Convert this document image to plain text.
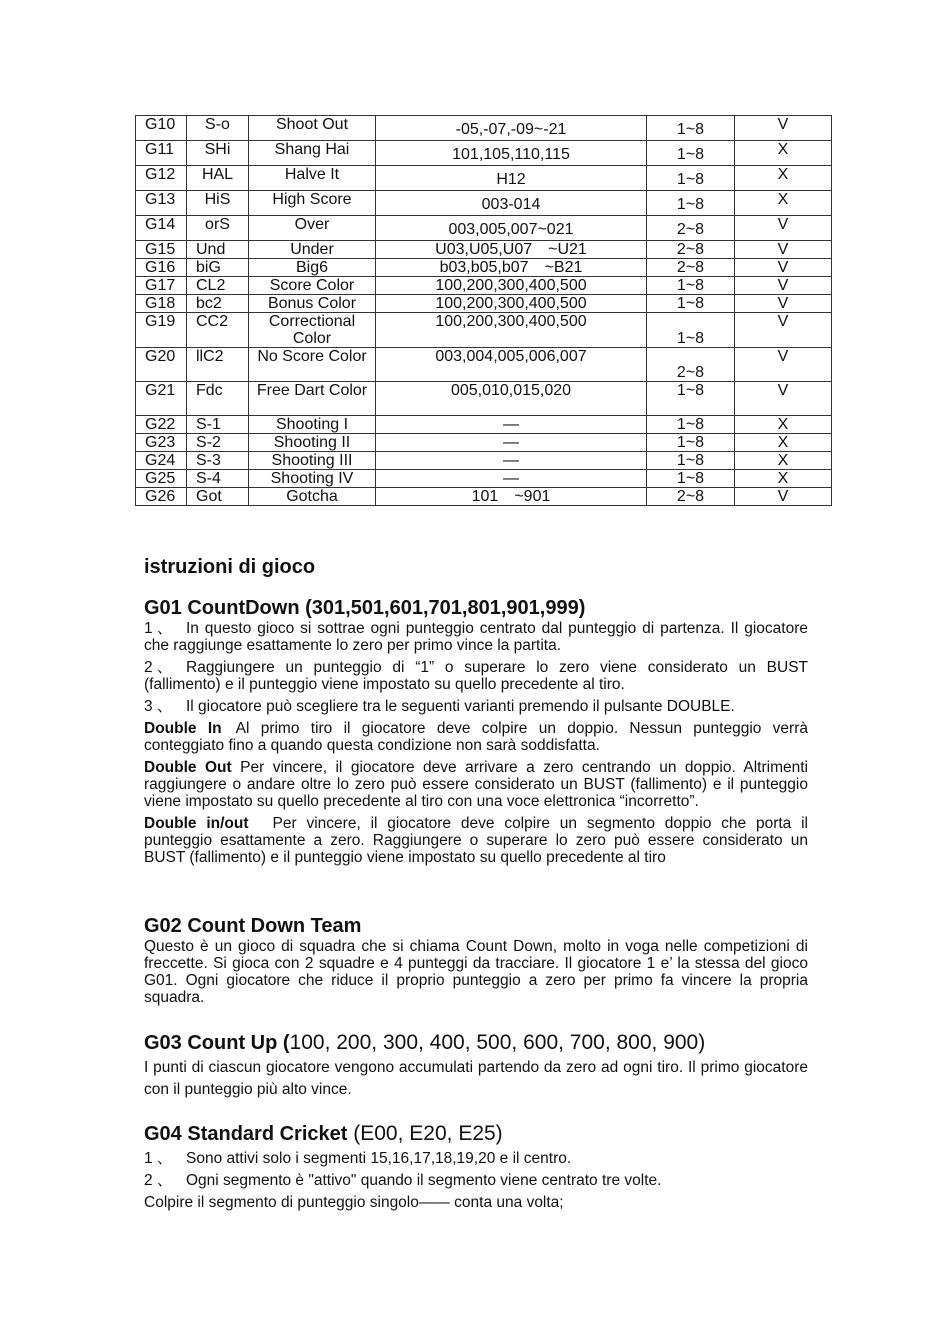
G10	S-o	Shoot Out	-05,-07,-09~-21	1~8	V
G11	SHi	Shang Hai	101,105,110,115	1~8	X
G12	HAL	Halve It	H12	1~8	X
G13	HiS	High Score	003-014	1~8	X
G14	orS	Over	003,005,007~021	2~8	V
G15	Und	Under	U03,U05,U07　~U21	2~8	V
G16	biG	Big6	b03,b05,b07　~B21	2~8	V
G17	CL2	Score Color	100,200,300,400,500	1~8	V
G18	bc2	Bonus Color	100,200,300,400,500	1~8	V
G19	CC2	Correctional Color	100,200,300,400,500	1~8	V
G20	llC2	No Score Color	003,004,005,006,007	2~8	V
G21	Fdc	Free Dart Color	005,010,015,020	1~8	V
G22	S-1	Shooting I	—	1~8	X
G23	S-2	Shooting II	—	1~8	X
G24	S-3	Shooting III	—	1~8	X
G25	S-4	Shooting IV	—	1~8	X
G26	Got	Gotcha	101　~901	2~8	V
istruzioni di gioco
G01 CountDown (301,501,601,701,801,901,999)

1 、 In questo gioco si sottrae ogni punteggio centrato dal punteggio di partenza. Il giocatore che raggiunge esattamente lo zero per primo vince la partita.

2 、 Raggiungere un punteggio di “1” o superare lo zero viene considerato un BUST (fallimento) e il punteggio viene impostato su quello precedente al tiro.

3 、 Il giocatore può scegliere tra le seguenti varianti premendo il pulsante DOUBLE.

Double In Al primo tiro il giocatore deve colpire un doppio. Nessun punteggio verrà conteggiato fino a quando questa condizione non sarà soddisfatta.

Double Out Per vincere, il giocatore deve arrivare a zero centrando un doppio. Altrimenti raggiungere o andare oltre lo zero può essere considerato un BUST (fallimento) e il punteggio viene impostato su quello precedente al tiro con una voce elettronica “incorretto”.

Double in/out Per vincere, il giocatore deve colpire un segmento doppio che porta il punteggio esattamente a zero. Raggiungere o superare lo zero può essere considerato un BUST (fallimento) e il punteggio viene impostato su quello precedente al tiro

G02 Count Down Team

Questo è un gioco di squadra che si chiama Count Down, molto in voga nelle competizioni di freccette. Si gioca con 2 squadre e 4 punteggi da tracciare. Il giocatore 1 e’ la stessa del gioco G01. Ogni giocatore che riduce il proprio punteggio a zero per primo fa vincere la propria squadra.

G03 Count Up (100, 200, 300, 400, 500, 600, 700, 800, 900)

I punti di ciascun giocatore vengono accumulati partendo da zero ad ogni tiro. Il primo giocatore con il punteggio più alto vince.

G04 Standard Cricket (E00, E20, E25)

1 、 Sono attivi solo i segmenti 15,16,17,18,19,20 e il centro.

2 、 Ogni segmento è "attivo" quando il segmento viene centrato tre volte.

Colpire il segmento di punteggio singolo—— conta una volta;
